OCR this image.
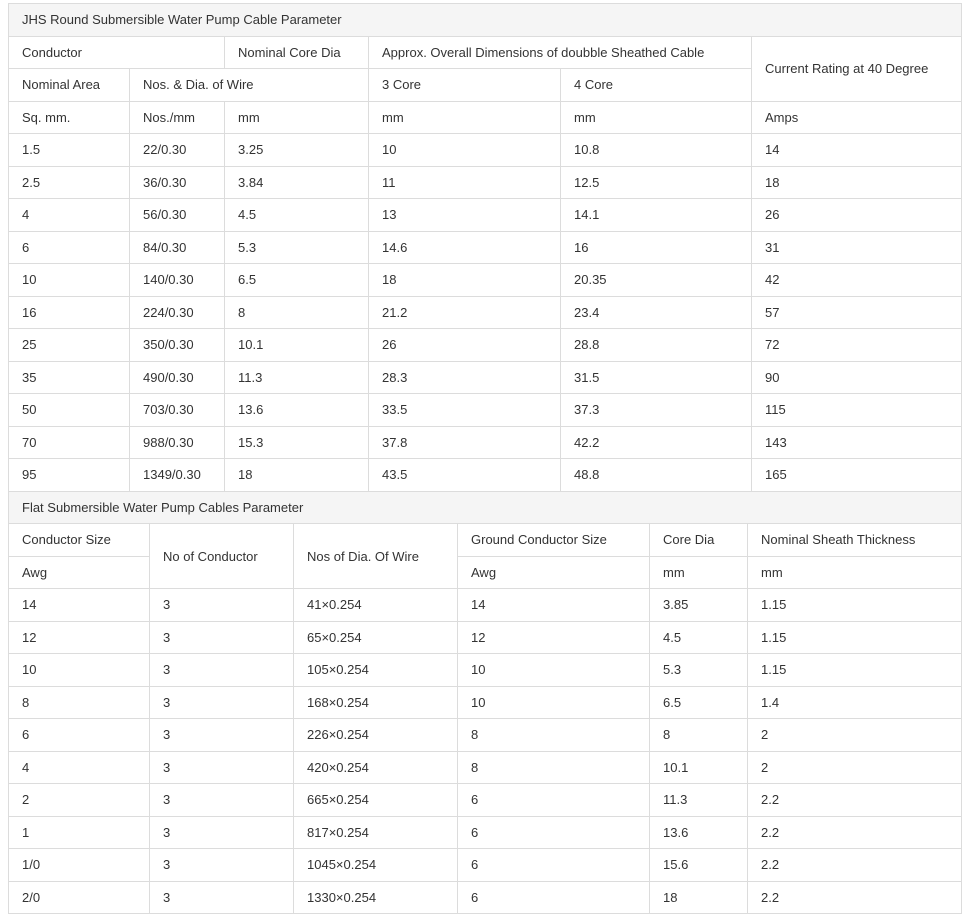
JHS Round Submersible Water Pump Cable Parameter					
Conductor		Nominal Core Dia	Approx. Overall Dimensions of doubble Sheathed Cable		Current Rating at 40 Degree
Nominal Area	Nos. & Dia. of Wire		3 Core	4 Core	
Sq. mm.	Nos./mm	mm	mm	mm	Amps
1.5	22/0.30	3.25	10	10.8	14
2.5	36/0.30	3.84	11	12.5	18
4	56/0.30	4.5	13	14.1	26
6	84/0.30	5.3	14.6	16	31
10	140/0.30	6.5	18	20.35	42
16	224/0.30	8	21.2	23.4	57
25	350/0.30	10.1	26	28.8	72
35	490/0.30	11.3	28.3	31.5	90
50	703/0.30	13.6	33.5	37.3	115
70	988/0.30	15.3	37.8	42.2	143
95	1349/0.30	18	43.5	48.8	165
Flat Submersible Water Pump Cables Parameter					
Conductor Size	No of Conductor	Nos of Dia. Of Wire	Ground Conductor Size	Core Dia	Nominal Sheath Thickness
Awg			Awg	mm	mm
14	3	41×0.254	14	3.85	1.15
12	3	65×0.254	12	4.5	1.15
10	3	105×0.254	10	5.3	1.15
8	3	168×0.254	10	6.5	1.4
6	3	226×0.254	8	8	2
4	3	420×0.254	8	10.1	2
2	3	665×0.254	6	11.3	2.2
1	3	817×0.254	6	13.6	2.2
1/0	3	1045×0.254	6	15.6	2.2
2/0	3	1330×0.254	6	18	2.2
